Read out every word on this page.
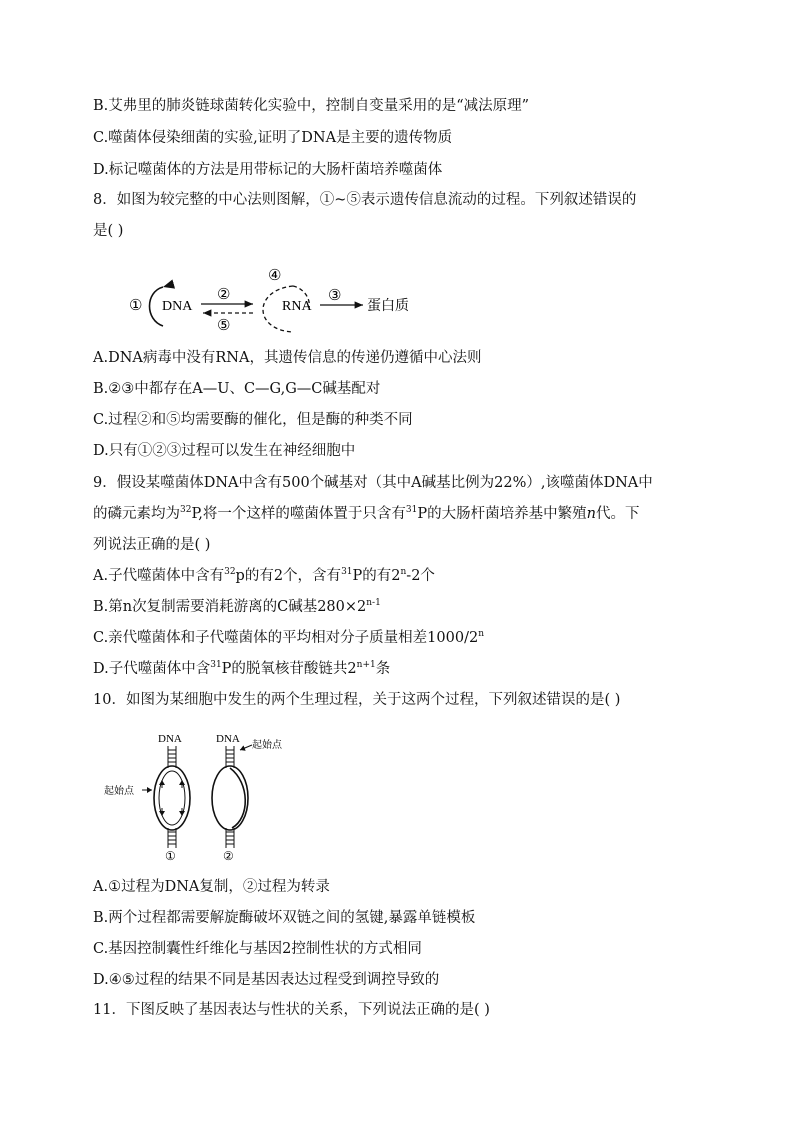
B.艾弗里的肺炎链球菌转化实验中，控制自变量采用的是“减法原理”
C.噬菌体侵染细菌的实验,证明了DNA是主要的遗传物质
D.标记噬菌体的方法是用带标记的大肠杆菌培养噬菌体
8．如图为较完整的中心法则图解，①~⑤表示遗传信息流动的过程。下列叙述错误的
是( )
① DNA
②
⑤
④
RNA
③
蛋白质
A.DNA病毒中没有RNA，其遗传信息的传递仍遵循中心法则
B.②③中都存在A—U、C—G,G—C碱基配对
C.过程②和⑤均需要酶的催化，但是酶的种类不同
D.只有①②③过程可以发生在神经细胞中
9．假设某噬菌体DNA中含有500个碱基对（其中A碱基比例为22%）,该噬菌体DNA中
的磷元素均为$^{32}$P,将一个这样的噬菌体置于只含有$^{31}$P的大肠杆菌培养基中繁殖n代。下
列说法正确的是( )
A.子代噬菌体中含有$^{32}$p的有2个，含有$^{31}$P的有2$^n$-2个
B.第n次复制需要消耗游离的C碱基$280\times 2^{n-1}$
C.亲代噬菌体和子代噬菌体的平均相对分子质量相差1000/2$^n$
D.子代噬菌体中含$^{31}$P的脱氧核苷酸链共$2^{n+1}$条
10．如图为某细胞中发生的两个生理过程，关于这两个过程，下列叙述错误的是( )
DNA
起始点
①
DNA
起始点
②
A.①过程为DNA复制，②过程为转录
B.两个过程都需要解旋酶破坏双链之间的氢键,暴露单链模板
C.基因控制囊性纤维化与基因2控制性状的方式相同
D.④⑤过程的结果不同是基因表达过程受到调控导致的
11．下图反映了基因表达与性状的关系，下列说法正确的是( )
